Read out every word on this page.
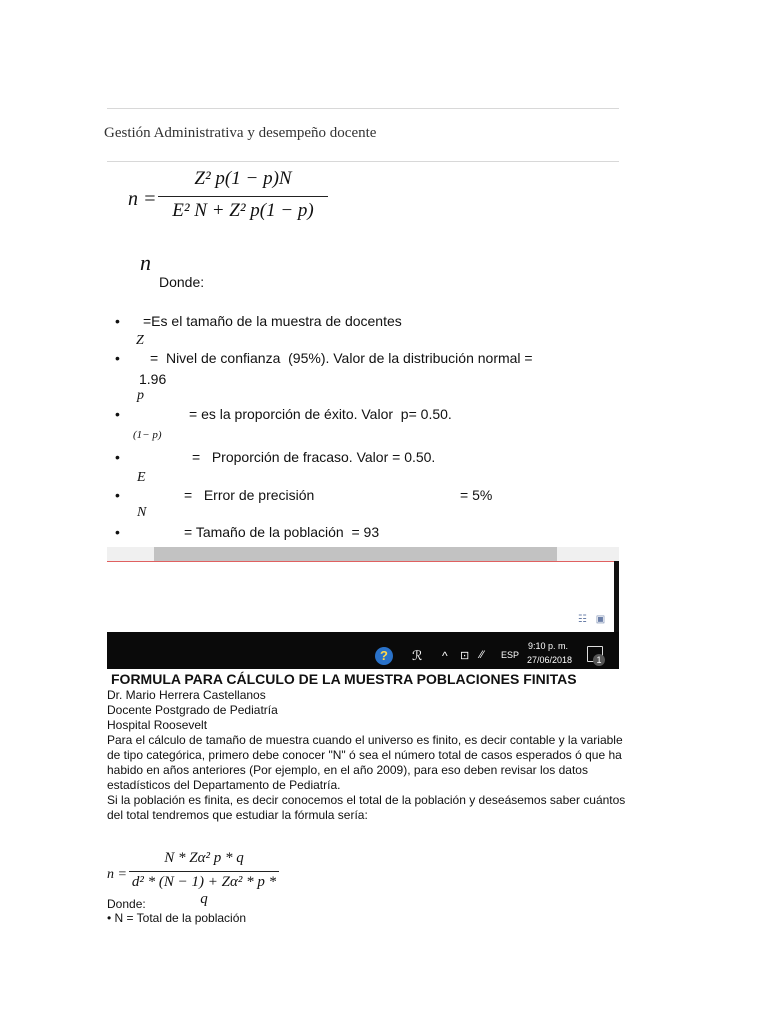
Gestión Administrativa y desempeño docente
n =
Z² p(1 − p)N
E² N + Z² p(1 − p)
n
Donde:
• =Es el tamaño de la muestra de docentes
Z
• =  Nivel de confianza  (95%). Valor de la distribución normal =
1.96
p
•	= es la proporción de éxito. Valor  p= 0.50.
(1− p)
•	=   Proporción de fracaso. Valor = 0.50.
E
•	=   Error de precisión	= 5%
N
•	= Tamaño de la población  = 93
☷ ▣
?	ℛ ^ ⊡ ⁄⁄ ESP
9:10 p. m.
27/06/2018	1
FORMULA PARA CÁLCULO DE LA MUESTRA POBLACIONES FINITAS
Dr. Mario Herrera Castellanos
Docente Postgrado de Pediatría
Hospital Roosevelt
Para el cálculo de tamaño de muestra cuando el universo es finito, es decir contable y la variable
de tipo categórica, primero debe conocer "N" ó sea el número total de casos esperados ó que ha
habido en años anteriores (Por ejemplo, en el año 2009), para eso deben revisar los datos
estadísticos del Departamento de Pediatría.
Si la población es finita, es decir conocemos el total de la población y deseásemos saber cuántos
del total tendremos que estudiar la fórmula sería:
n =
N * Zα² p * q
d² * (N − 1) + Zα² * p * q
Donde:
• N = Total de la población
